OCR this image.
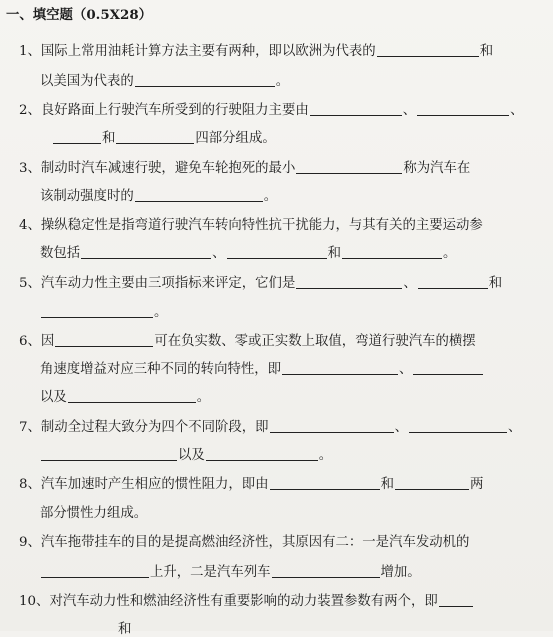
一、填空题（0.5X28）
1、国际上常用油耗计算方法主要有两种，即以欧洲为代表的	和
以美国为代表的	。
2、良好路面上行驶汽车所受到的行驶阻力主要由	、	、
和	四部分组成。
3、制动时汽车减速行驶，避免车轮抱死的最小	称为汽车在
该制动强度时的	。
4、操纵稳定性是指弯道行驶汽车转向特性抗干扰能力，与其有关的主要运动参
数包括	、	和	。
5、汽车动力性主要由三项指标来评定，它们是	、	和
。
6、因	可在负实数、零或正实数上取值，弯道行驶汽车的横摆
角速度增益对应三种不同的转向特性，即	、
以及	。
7、制动全过程大致分为四个不同阶段，即	、	、
以及	。
8、汽车加速时产生相应的惯性阻力，即由	和	两
部分惯性力组成。
9、汽车拖带挂车的目的是提高燃油经济性，其原因有二：一是汽车发动机的
上升，二是汽车列车	增加。
10、对汽车动力性和燃油经济性有重要影响的动力装置参数有两个，即
和
